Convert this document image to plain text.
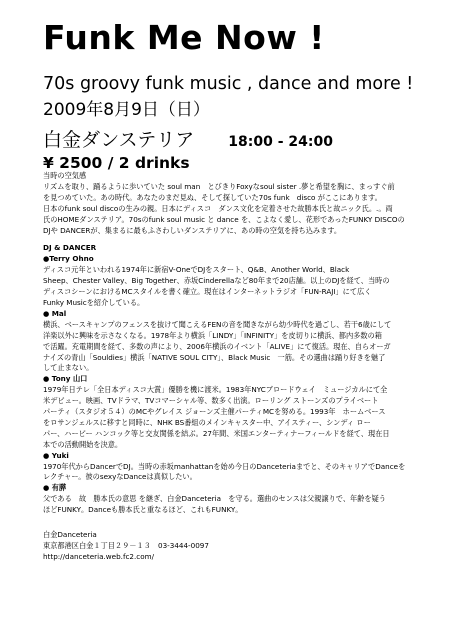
Funk Me Now !
70s groovy funk music , dance and more !
2009年8月9日（日）
白金ダンステリア 18:00 - 24:00
¥ 2500 / 2 drinks

当時の空気感

リズムを取り、踊るように歩いていた soul man　とびきりFoxyなsoul sister .夢と希望を胸に、まっすぐ前

を見つめていた。あの時代。あなたのまだ見ぬ、そして探していた70s funk　disco がここにあります。

日本のfunk soul discoの生みの親。日本にディスコ　ダンス文化を定着させた故勝本氏と故ニック氏。.。両

氏のHOMEダンステリア。70sのfunk soul music と dance を、こよなく愛し、花形であったFUNKY DISCOの

DJや DANCERが、集まるに最もふさわしいダンステリアに、あの時の空気を持ち込みます。

DJ & DANCER

●Terry Ohno

ディスコ元年といわれる1974年に新宿V-OneでDJをスタート、Q&B、Another World、Black

Sheep、Chester Valley、Big Together、赤坂Cinderellaなど80年まで20店舗。以上のDJを経て、当時の

ディスコシーンにおけるMCスタイルを書く確立。現在はインターネットラジオ「FUN-RAJI」にて広く

Funky Musicを紹介している。

● Mal

横浜、ベースキャンプのフェンスを抜けて聞こえるFENの音を聞きながら幼少時代を過ごし、若干6歳にして

洋楽以外に興味を示さなくなる。1978年より横浜「LINDY」「INFINITY」を皮切りに横浜、都内多数の箱

で活躍。充電期間を経て、多数の声により、2006年横浜のイベント「ALIVE」にて復活。現在、自らオーガ

ナイズの青山「Souldies」横浜「NATIVE SOUL CITY」、Black Music　一筋。その選曲は踊り好きを魅了

して止まない。

● Tony 山口

1979年日テレ「全日本ディスコ大賞」優勝を機に渡米。1983年NYCブロードウェイ　ミュージカルにて全

米デビュー。映画、TVドラマ、TVコマーシャル等、数多く出演。ローリング ストーンズのプライベート

パーティ（スタジオ５４）のMCやグレイス ジョーンズ主催パーティMCを努める。1993年　ホームベース

をロサンジェルスに移すと同時に、NHK BS番組のメインキャスター中、アイスティー、シンディ ロー

パー、ハービー ハンコック等と交友関係を結ぶ。27年間、米国エンターティナーフィールドを経て、現在日

本での活動開始を決意。

● Yuki

1970年代からDancerでDJ。当時の赤坂manhattanを始め今日のDanceteriaまでと、そのキャリアでDanceを

レクチャー。彼のsexyなDanceは真似したい。

● 有膵

父である　故　勝本氏の意思 を継ぎ、白金Danceteria　を守る。選曲のセンスは父親譲りで、年齢を疑う

ほどFUNKY。Danceも勝本氏と重なるほど、これもFUNKY。

白金Danceteria

東京都港区白金１丁目２９－１３　03-3444-0097

http://danceteria.web.fc2.com/
